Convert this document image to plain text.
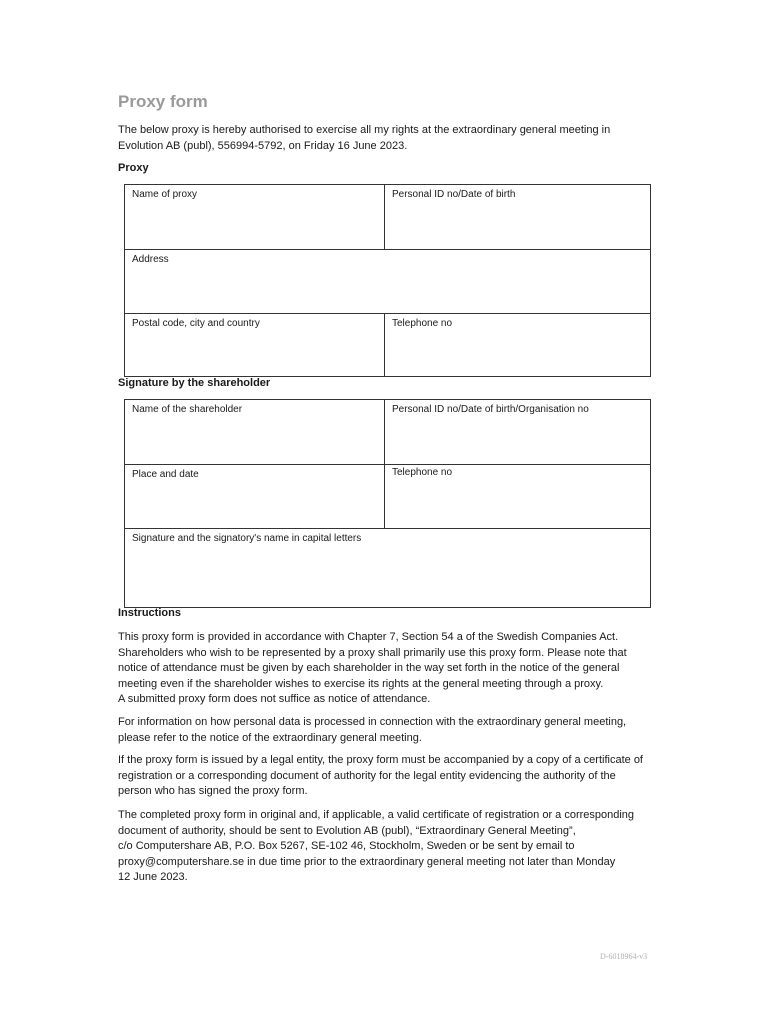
Proxy form
The below proxy is hereby authorised to exercise all my rights at the extraordinary general meeting in Evolution AB (publ), 556994-5792, on Friday 16 June 2023.
Proxy
Name of proxy	Personal ID no/Date of birth
Address
Postal code, city and country	Telephone no
Signature by the shareholder
Name of the shareholder	Personal ID no/Date of birth/Organisation no
Place and date	Telephone no
Signature and the signatory's name in capital letters
Instructions

This proxy form is provided in accordance with Chapter 7, Section 54 a of the Swedish Companies Act. Shareholders who wish to be represented by a proxy shall primarily use this proxy form. Please note that notice of attendance must be given by each shareholder in the way set forth in the notice of the general meeting even if the shareholder wishes to exercise its rights at the general meeting through a proxy.

A submitted proxy form does not suffice as notice of attendance.

For information on how personal data is processed in connection with the extraordinary general meeting, please refer to the notice of the extraordinary general meeting.

If the proxy form is issued by a legal entity, the proxy form must be accompanied by a copy of a certificate of registration or a corresponding document of authority for the legal entity evidencing the authority of the person who has signed the proxy form.

The completed proxy form in original and, if applicable, a valid certificate of registration or a corresponding document of authority, should be sent to Evolution AB (publ), “Extraordinary General Meeting”,

c/o Computershare AB, P.O. Box 5267, SE-102 46, Stockholm, Sweden or be sent by email to proxy@computershare.se in due time prior to the extraordinary general meeting not later than Monday

12 June 2023.

D-6018964-v3
